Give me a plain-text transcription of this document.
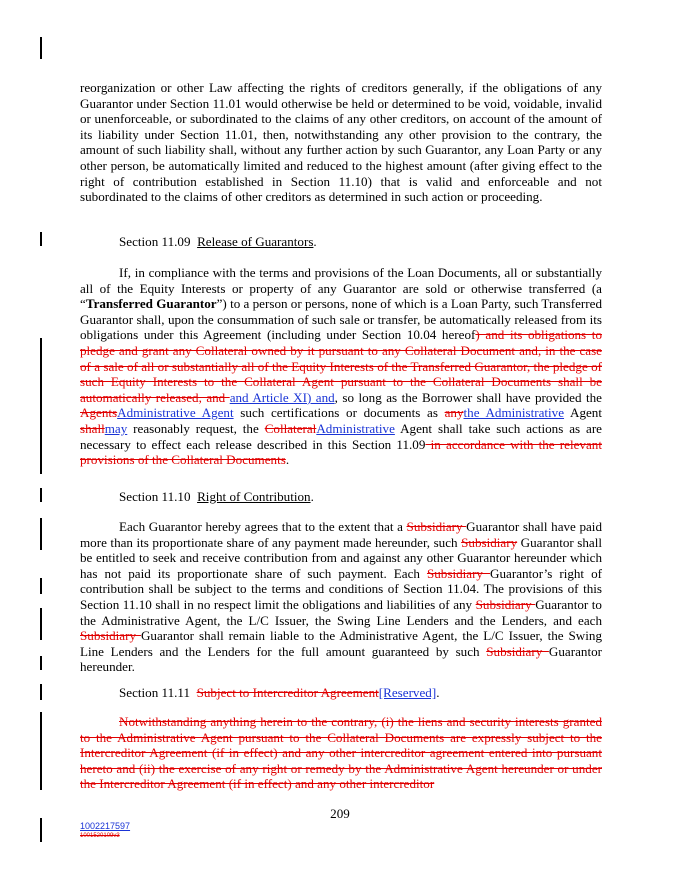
reorganization or other Law affecting the rights of creditors generally, if the obligations of any Guarantor under Section 11.01 would otherwise be held or determined to be void, voidable, invalid or unenforceable, or subordinated to the claims of any other creditors, on account of the amount of its liability under Section 11.01, then, notwithstanding any other provision to the contrary, the amount of such liability shall, without any further action by such Guarantor, any Loan Party or any other person, be automatically limited and reduced to the highest amount (after giving effect to the right of contribution established in Section 11.10) that is valid and enforceable and not subordinated to the claims of other creditors as determined in such action or proceeding.
Section 11.09 Release of Guarantors.
If, in compliance with the terms and provisions of the Loan Documents, all or substantially all of the Equity Interests or property of any Guarantor are sold or otherwise transferred (a “Transferred Guarantor”) to a person or persons, none of which is a Loan Party, such Transferred Guarantor shall, upon the consummation of such sale or transfer, be automatically released from its obligations under this Agreement (including under Section 10.04 hereof) and its obligations to pledge and grant any Collateral owned by it pursuant to any Collateral Document and, in the case of a sale of all or substantially all of the Equity Interests of the Transferred Guarantor, the pledge of such Equity Interests to the Collateral Agent pursuant to the Collateral Documents shall be automatically released, and and Article XI) and, so long as the Borrower shall have provided the AgentsAdministrative Agent such certifications or documents as anythe Administrative Agent shallmay reasonably request, the CollateralAdministrative Agent shall take such actions as are necessary to effect each release described in this Section 11.09 in accordance with the relevant provisions of the Collateral Documents.
Section 11.10 Right of Contribution.
Each Guarantor hereby agrees that to the extent that a Subsidiary Guarantor shall have paid more than its proportionate share of any payment made hereunder, such Subsidiary Guarantor shall be entitled to seek and receive contribution from and against any other Guarantor hereunder which has not paid its proportionate share of such payment. Each Subsidiary Guarantor’s right of contribution shall be subject to the terms and conditions of Section 11.04. The provisions of this Section 11.10 shall in no respect limit the obligations and liabilities of any Subsidiary Guarantor to the Administrative Agent, the L/C Issuer, the Swing Line Lenders and the Lenders, and each Subsidiary Guarantor shall remain liable to the Administrative Agent, the L/C Issuer, the Swing Line Lenders and the Lenders for the full amount guaranteed by such Subsidiary Guarantor hereunder.
Section 11.11 Subject to Intercreditor Agreement[Reserved].
Notwithstanding anything herein to the contrary, (i) the liens and security interests granted to the Administrative Agent pursuant to the Collateral Documents are expressly subject to the Intercreditor Agreement (if in effect) and any other intercreditor agreement entered into pursuant hereto and (ii) the exercise of any right or remedy by the Administrative Agent hereunder or under the Intercreditor Agreement (if in effect) and any other intercreditor
209
1002217597
1001520109v3
